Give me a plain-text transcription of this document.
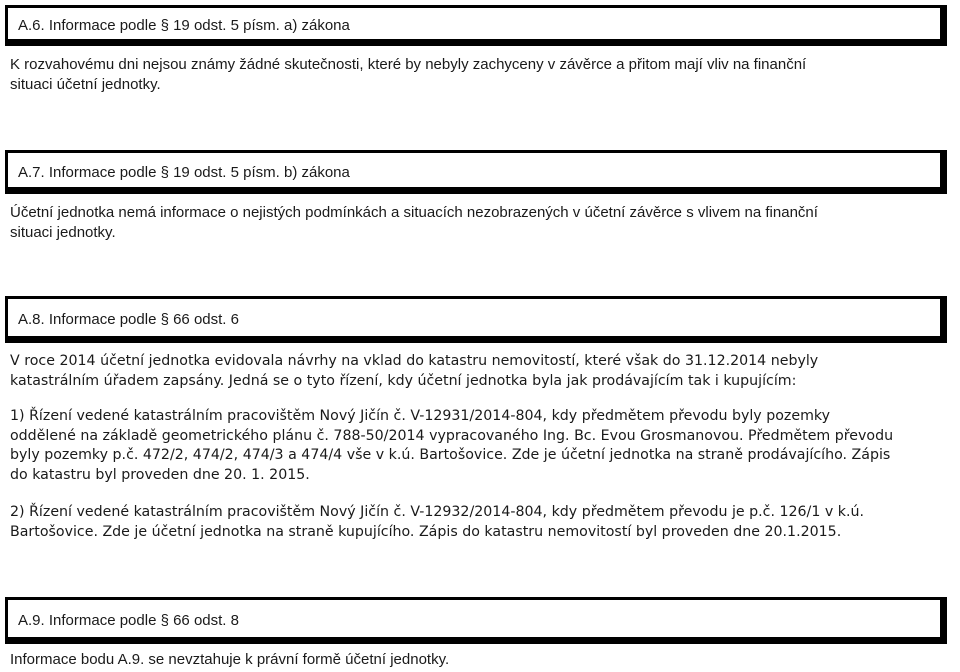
A.6. Informace podle § 19 odst. 5 písm. a) zákona
K rozvahovému dni nejsou známy žádné skutečnosti, které by nebyly zachyceny v závěrce a přitom mají vliv na finanční
situaci účetní jednotky.
A.7. Informace podle § 19 odst. 5 písm. b) zákona
Účetní jednotka nemá informace o nejistých podmínkách a situacích nezobrazených v účetní závěrce s vlivem na finanční
situaci jednotky.
A.8. Informace podle § 66 odst. 6
V roce 2014 účetní jednotka evidovala návrhy na vklad do katastru nemovitostí, které však do 31.12.2014 nebyly
katastrálním úřadem zapsány. Jedná se o tyto řízení, kdy účetní jednotka byla jak prodávajícím tak i kupujícím:
1) Řízení vedené katastrálním pracovištěm Nový Jičín č. V-12931/2014-804, kdy předmětem převodu byly pozemky
oddělené na základě geometrického plánu č. 788-50/2014 vypracovaného Ing. Bc. Evou Grosmanovou. Předmětem převodu
byly pozemky p.č. 472/2, 474/2, 474/3 a 474/4 vše v k.ú. Bartošovice. Zde je účetní jednotka na straně prodávajícího. Zápis
do katastru byl proveden dne 20. 1. 2015.
2) Řízení vedené katastrálním pracovištěm Nový Jičín č. V-12932/2014-804, kdy předmětem převodu je p.č. 126/1 v k.ú.
Bartošovice. Zde je účetní jednotka na straně kupujícího. Zápis do katastru nemovitostí byl proveden dne 20.1.2015.
A.9. Informace podle § 66 odst. 8
Informace bodu A.9. se nevztahuje k právní formě účetní jednotky.
